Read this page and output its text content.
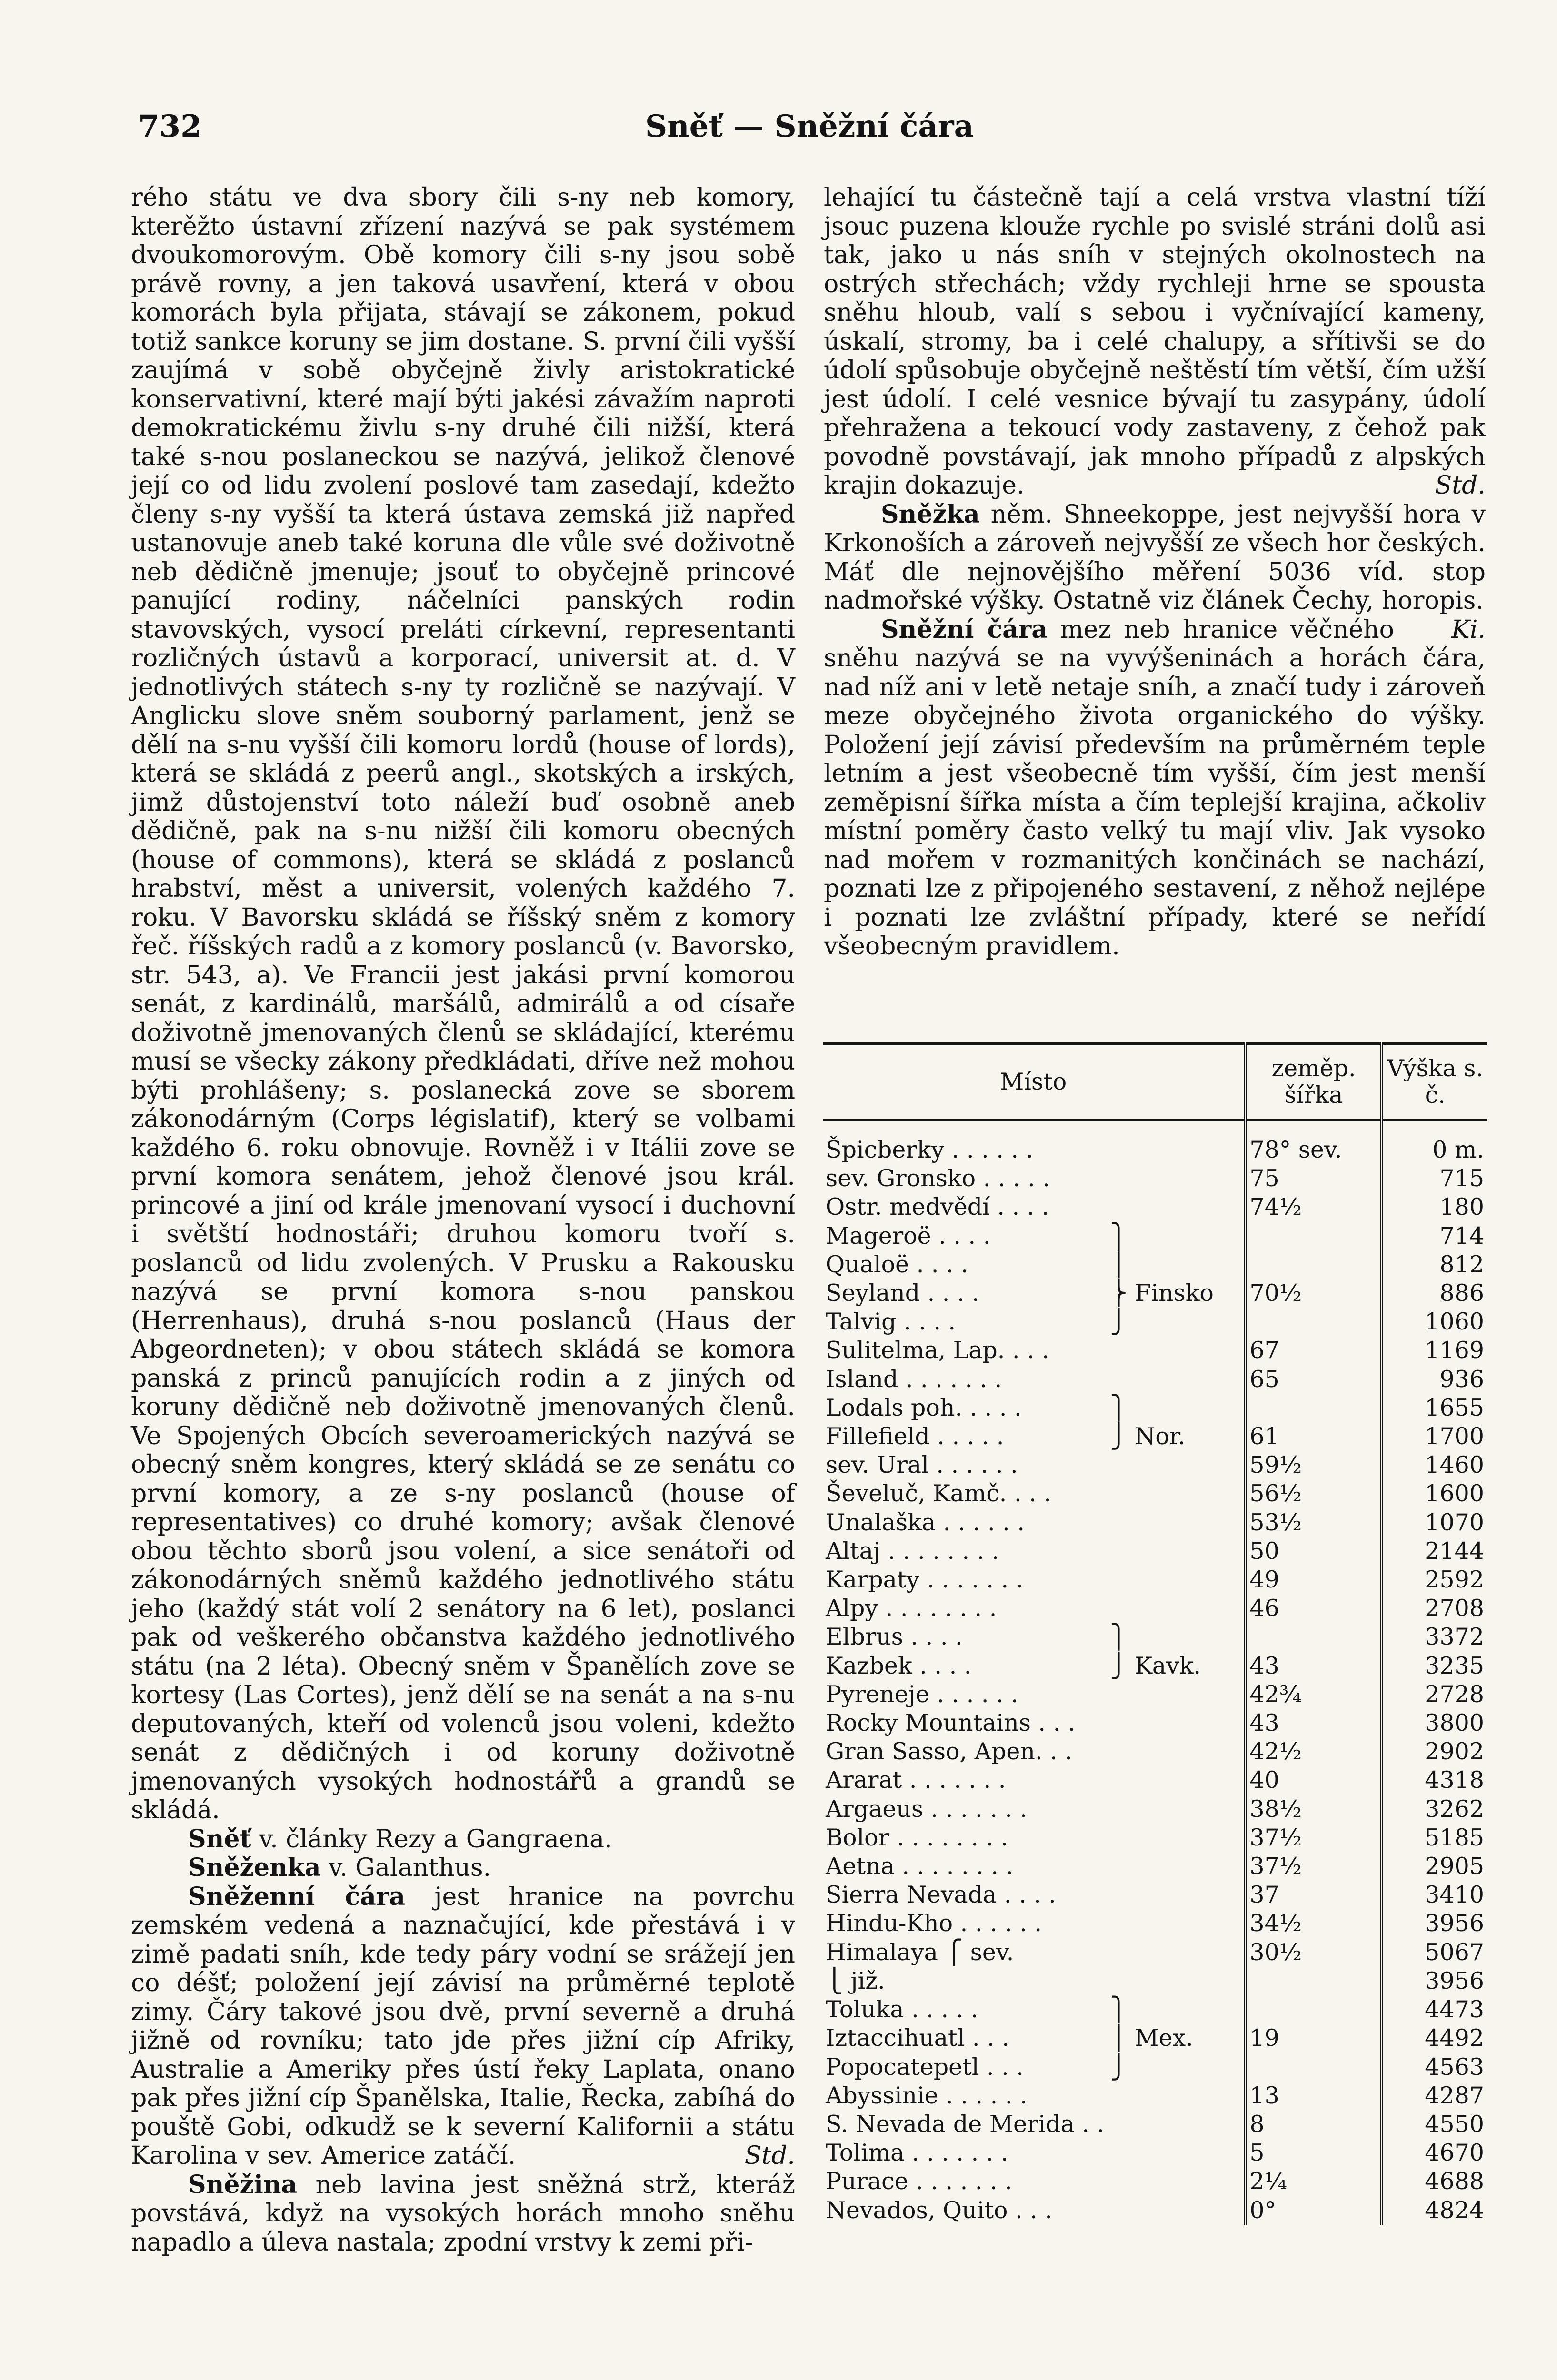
732	Sněť — Sněžní čára

rého státu ve dva sbory čili s-ny neb komory, kterěžto ústavní zřízení nazývá se pak systémem dvoukomorovým. Obě komory čili s-ny jsou sobě právě rovny, a jen taková usavření, která v obou komorách byla přijata, stávají se zákonem, pokud totiž sankce koruny se jim dostane. S. první čili vyšší zaujímá v sobě obyčejně živly aristokratické konservativní, které mají býti jakési závažím naproti demokratickému živlu s-ny druhé čili nižší, která také s-nou poslaneckou se nazývá, jelikož členové její co od lidu zvolení poslové tam zasedají, kdežto členy s-ny vyšší ta která ústava zemská již napřed ustanovuje aneb také koruna dle vůle své doživotně neb dědičně jmenuje; jsouť to obyčejně princové panující rodiny, náčelníci panských rodin stavovských, vysocí preláti církevní, representanti rozličných ústavů a korporací, universit at. d. V jednotlivých státech s-ny ty rozličně se nazývají. V Anglicku slove sněm souborný parlament, jenž se dělí na s-nu vyšší čili komoru lordů (house of lords), která se skládá z peerů angl., skotských a irských, jimž důstojenství toto náleží buď osobně aneb dědičně, pak na s-nu nižší čili komoru obecných (house of commons), která se skládá z poslanců hrabství, měst a universit, volených každého 7. roku. V Bavorsku skládá se říšský sněm z komory řeč. říšských radů a z komory poslanců (v. Bavorsko, str. 543, a). Ve Francii jest jakási první komorou senát, z kardinálů, maršálů, admirálů a od císaře doživotně jmenovaných členů se skládající, kterému musí se všecky zákony předkládati, dříve než mohou býti prohlášeny; s. poslanecká zove se sborem zákonodárným (Corps législatif), který se volbami každého 6. roku obnovuje. Rovněž i v Itálii zove se první komora senátem, jehož členové jsou král. princové a jiní od krále jmenovaní vysocí i duchovní i světští hodnostáři; druhou komoru tvoří s. poslanců od lidu zvolených. V Prusku a Rakousku nazývá se první komora s-nou panskou (Herrenhaus), druhá s-nou poslanců (Haus der Abgeordneten); v obou státech skládá se komora panská z princů panujících rodin a z jiných od koruny dědičně neb doživotně jmenovaných členů. Ve Spojených Obcích severoamerických nazývá se obecný sněm kongres, který skládá se ze senátu co první komory, a ze s-ny poslanců (house of representatives) co druhé komory; avšak členové obou těchto sborů jsou volení, a sice senátoři od zákonodárných sněmů každého jednotlivého státu jeho (každý stát volí 2 senátory na 6 let), poslanci pak od veškerého občanstva každého jednotlivého státu (na 2 léta). Obecný sněm v Španělích zove se kortesy (Las Cortes), jenž dělí se na senát a na s-nu deputovaných, kteří od volenců jsou voleni, kdežto senát z dědičných i od koruny doživotně jmenovaných vysokých hodnostářů a grandů se skládá.

Sněť v. články Rezy a Gangraena.

Sněženka v. Galanthus.

Sněženní čára jest hranice na povrchu zemském vedená a naznačující, kde přestává i v zimě padati sníh, kde tedy páry vodní se srážejí jen co déšť; položení její závisí na průměrné teplotě zimy. Čáry takové jsou dvě, první severně a druhá jižně od rovníku; tato jde přes jižní cíp Afriky, Australie a Ameriky přes ústí řeky Laplata, onano pak přes jižní cíp Španělska, Italie, Řecka, zabíhá do pouště Gobi, odkudž se k severní Kalifornii a státu Karolina v sev. Americe zatáčí.	Std.

Sněžina neb lavina jest sněžná strž, kteráž povstává, když na vysokých horách mnoho sněhu napadlo a úleva nastala; zpodní vrstvy k zemi při-

lehající tu částečně tají a celá vrstva vlastní tíží jsouc puzena klouže rychle po svislé stráni dolů asi tak, jako u nás sníh v stejných okolnostech na ostrých střechách; vždy rychleji hrne se spousta sněhu hloub, valí s sebou i vyčnívající kameny, úskalí, stromy, ba i celé chalupy, a sřítivši se do údolí spůsobuje obyčejně neštěstí tím větší, čím užší jest údolí. I celé vesnice bývají tu zasypány, údolí přehražena a tekoucí vody zastaveny, z čehož pak povodně povstávají, jak mnoho případů z alpských krajin dokazuje.	Std.

Sněžka něm. Shneekoppe, jest nejvyšší hora v Krkonoších a zároveň nejvyšší ze všech hor českých. Máť dle nejnovějšího měření 5036 víd. stop nadmořské výšky. Ostatně viz článek Čechy, horopis.
Ki.

Sněžní čára mez neb hranice věčného sněhu nazývá se na vyvýšeninách a horách čára, nad níž ani v letě netaje sníh, a značí tudy i zároveň meze obyčejného života organického do výšky. Položení její závisí především na průměrném teple letním a jest všeobecně tím vyšší, čím jest menší zeměpisní šířka místa a čím teplejší krajina, ačkoliv místní poměry často velký tu mají vliv. Jak vysoko nad mořem v rozmanitých končinách se nachází, poznati lze z připojeného sestavení, z něhož nejlépe i poznati lze zvláštní případy, které se neřídí všeobecným pravidlem.

Místo		zeměp. šířka	Výška s. č.
Špicberky . . . . . .		78° sev.	0 m.
sev. Gronsko . . . . .		75	715
Ostr. medvědí . . . .		74½	180
Mageroë . . . .	⎫		714
Qualoë . . . .	⎪		812
Seyland . . . .	⎬ Finsko	70½	886
Talvig . . . .	⎭		1060
Sulitelma, Lap. . . .		67	1169
Island . . . . . . .		65	936
Lodals poh. . . . .	⎫		1655
Fillefield . . . . .	⎭ Nor.	61	1700
sev. Ural . . . . . .		59½	1460
Ševeluč, Kamč. . . .		56½	1600
Unalaška . . . . . .		53½	1070
Altaj . . . . . . . .		50	2144
Karpaty . . . . . . .		49	2592
Alpy . . . . . . . .		46	2708
Elbrus . . . .	⎫		3372
Kazbek . . . .	⎭ Kavk.	43	3235
Pyreneje . . . . . .		42¾	2728
Rocky Mountains . . .		43	3800
Gran Sasso, Apen. . .		42½	2902
Ararat . . . . . . .		40	4318
Argaeus . . . . . . .		38½	3262
Bolor . . . . . . . .		37½	5185
Aetna . . . . . . . .		37½	2905
Sierra Nevada . . . .		37	3410
Hindu-Kho . . . . . .		34½	3956
Himalaya ⎧ sev.		30½	5067
⎩ již.			3956
Toluka . . . . .	⎫		4473
Iztaccihuatl . . .	⎪ Mex.	19	4492
Popocatepetl . . .	⎭		4563
Abyssinie . . . . . .		13	4287
S. Nevada de Merida . .		8	4550
Tolima . . . . . . .		5	4670
Purace . . . . . . .		2¼	4688
Nevados, Quito . . .		0°	4824
